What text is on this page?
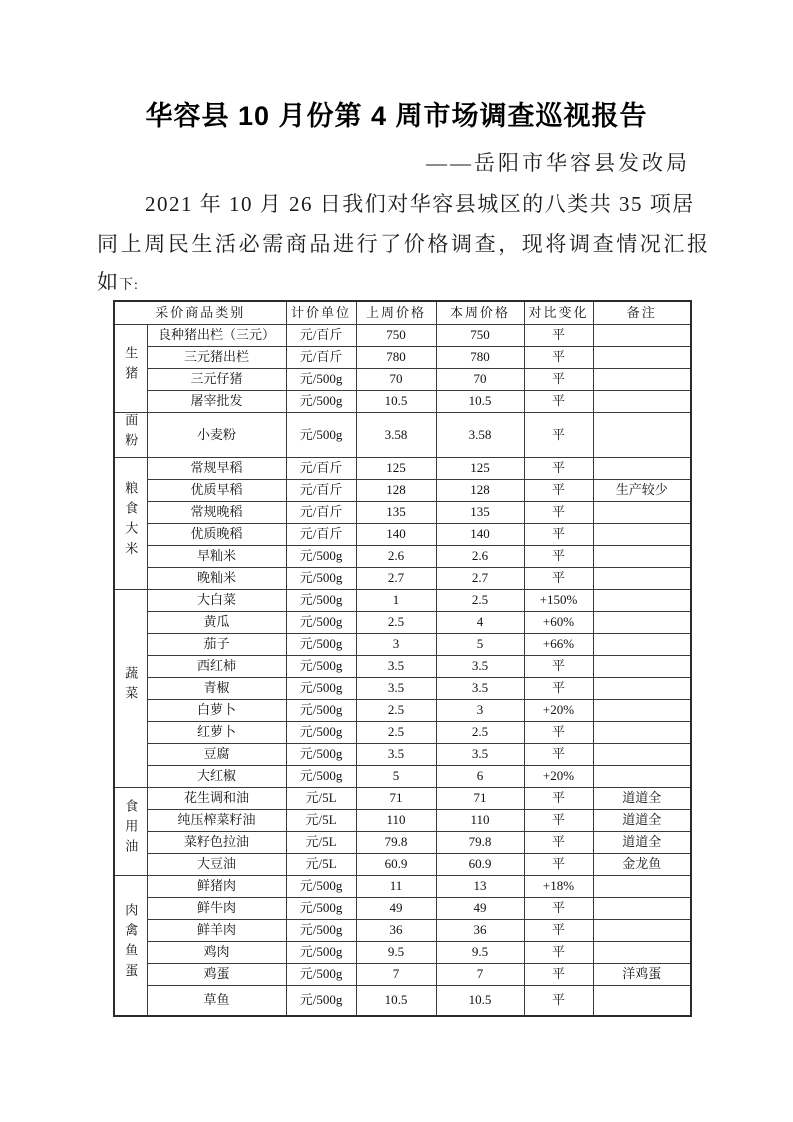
华容县 10 月份第 4 周市场调查巡视报告
——岳阳市华容县发改局
2021 年 10 月 26 日我们对华容县城区的八类共 35 项居
同上周民生活必需商品进行了价格调查，现将调查情况汇报
如下:
采价商品类别		计价单位	上周价格	本周价格	对比变化	备注
生猪	良种猪出栏（三元）	元/百斤	750	750	平	
	三元猪出栏	元/百斤	780	780	平	
	三元仔猪	元/500g	70	70	平	
	屠宰批发	元/500g	10.5	10.5	平	
面粉	小麦粉	元/500g	3.58	3.58	平	
粮食大米	常规早稻	元/百斤	125	125	平	
	优质早稻	元/百斤	128	128	平	生产较少
	常规晚稻	元/百斤	135	135	平	
	优质晚稻	元/百斤	140	140	平	
	早籼米	元/500g	2.6	2.6	平	
	晚籼米	元/500g	2.7	2.7	平	
蔬菜	大白菜	元/500g	1	2.5	+150%	
	黄瓜	元/500g	2.5	4	+60%	
	茄子	元/500g	3	5	+66%	
	西红柿	元/500g	3.5	3.5	平	
	青椒	元/500g	3.5	3.5	平	
	白萝卜	元/500g	2.5	3	+20%	
	红萝卜	元/500g	2.5	2.5	平	
	豆腐	元/500g	3.5	3.5	平	
	大红椒	元/500g	5	6	+20%	
食用油	花生调和油	元/5L	71	71	平	道道全
	纯压榨菜籽油	元/5L	110	110	平	道道全
	菜籽色拉油	元/5L	79.8	79.8	平	道道全
	大豆油	元/5L	60.9	60.9	平	金龙鱼
肉禽鱼蛋	鲜猪肉	元/500g	11	13	+18%	
	鲜牛肉	元/500g	49	49	平	
	鲜羊肉	元/500g	36	36	平	
	鸡肉	元/500g	9.5	9.5	平	
	鸡蛋	元/500g	7	7	平	洋鸡蛋
	草鱼	元/500g	10.5	10.5	平	
